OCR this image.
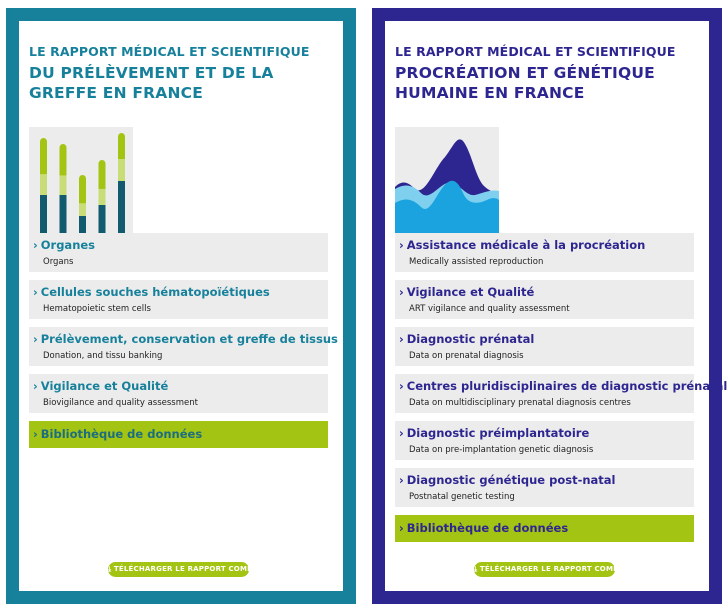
LE RAPPORT MÉDICAL ET SCIENTIFIQUE
DU PRÉLÈVEMENT ET DE LA GREFFE EN FRANCE
› Organes
Organs
› Cellules souches hématopoïétiques
Hematopoietic stem cells
› Prélèvement, conservation et greffe de tissus
Donation, and tissu banking
› Vigilance et Qualité
Biovigilance and quality assessment
› Bibliothèque de données
⤓ TÉLÉCHARGER LE RAPPORT COMPLET
LE RAPPORT MÉDICAL ET SCIENTIFIQUE
PROCRÉATION ET GÉNÉTIQUE HUMAINE EN FRANCE
› Assistance médicale à la procréation
Medically assisted reproduction
› Vigilance et Qualité
ART vigilance and quality assessment
› Diagnostic prénatal
Data on prenatal diagnosis
› Centres pluridisciplinaires de diagnostic prénatal
Data on multidisciplinary prenatal diagnosis centres
› Diagnostic préimplantatoire
Data on pre-implantation genetic diagnosis
› Diagnostic génétique post-natal
Postnatal genetic testing
› Bibliothèque de données
⤓ TÉLÉCHARGER LE RAPPORT COMPLET
